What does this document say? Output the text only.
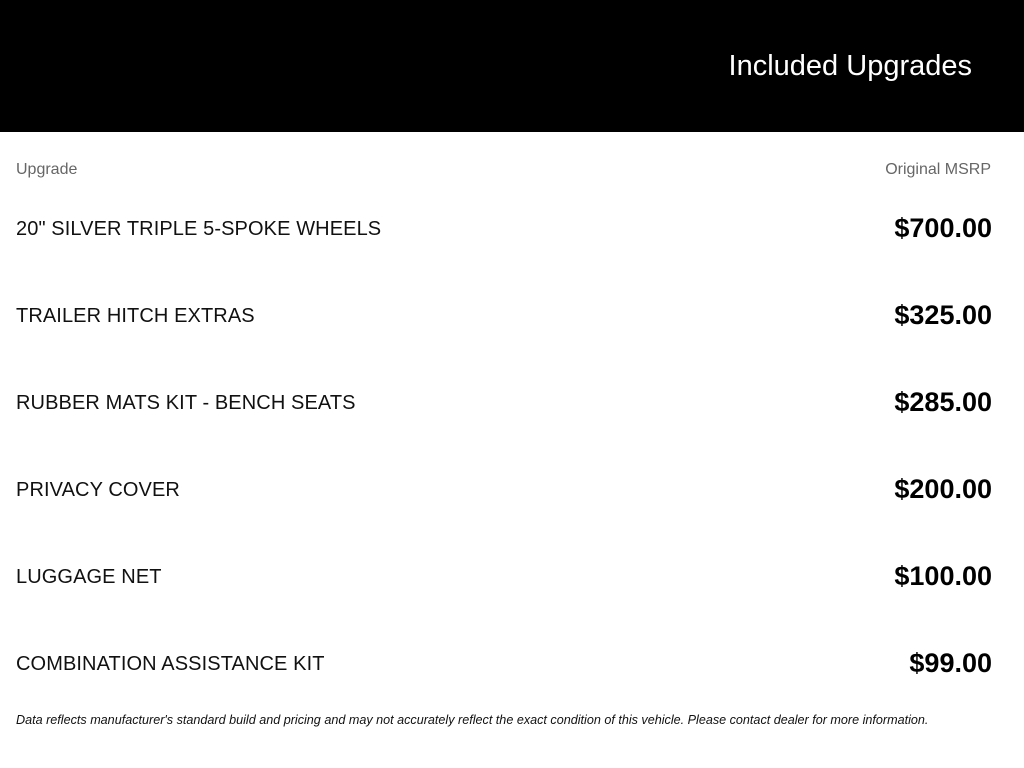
Included Upgrades
Upgrade	Original MSRP
20" SILVER TRIPLE 5-SPOKE WHEELS	$700.00
TRAILER HITCH EXTRAS	$325.00
RUBBER MATS KIT - BENCH SEATS	$285.00
PRIVACY COVER	$200.00
LUGGAGE NET	$100.00
COMBINATION ASSISTANCE KIT	$99.00
Data reflects manufacturer's standard build and pricing and may not accurately reflect the exact condition of this vehicle. Please contact dealer for more information.
